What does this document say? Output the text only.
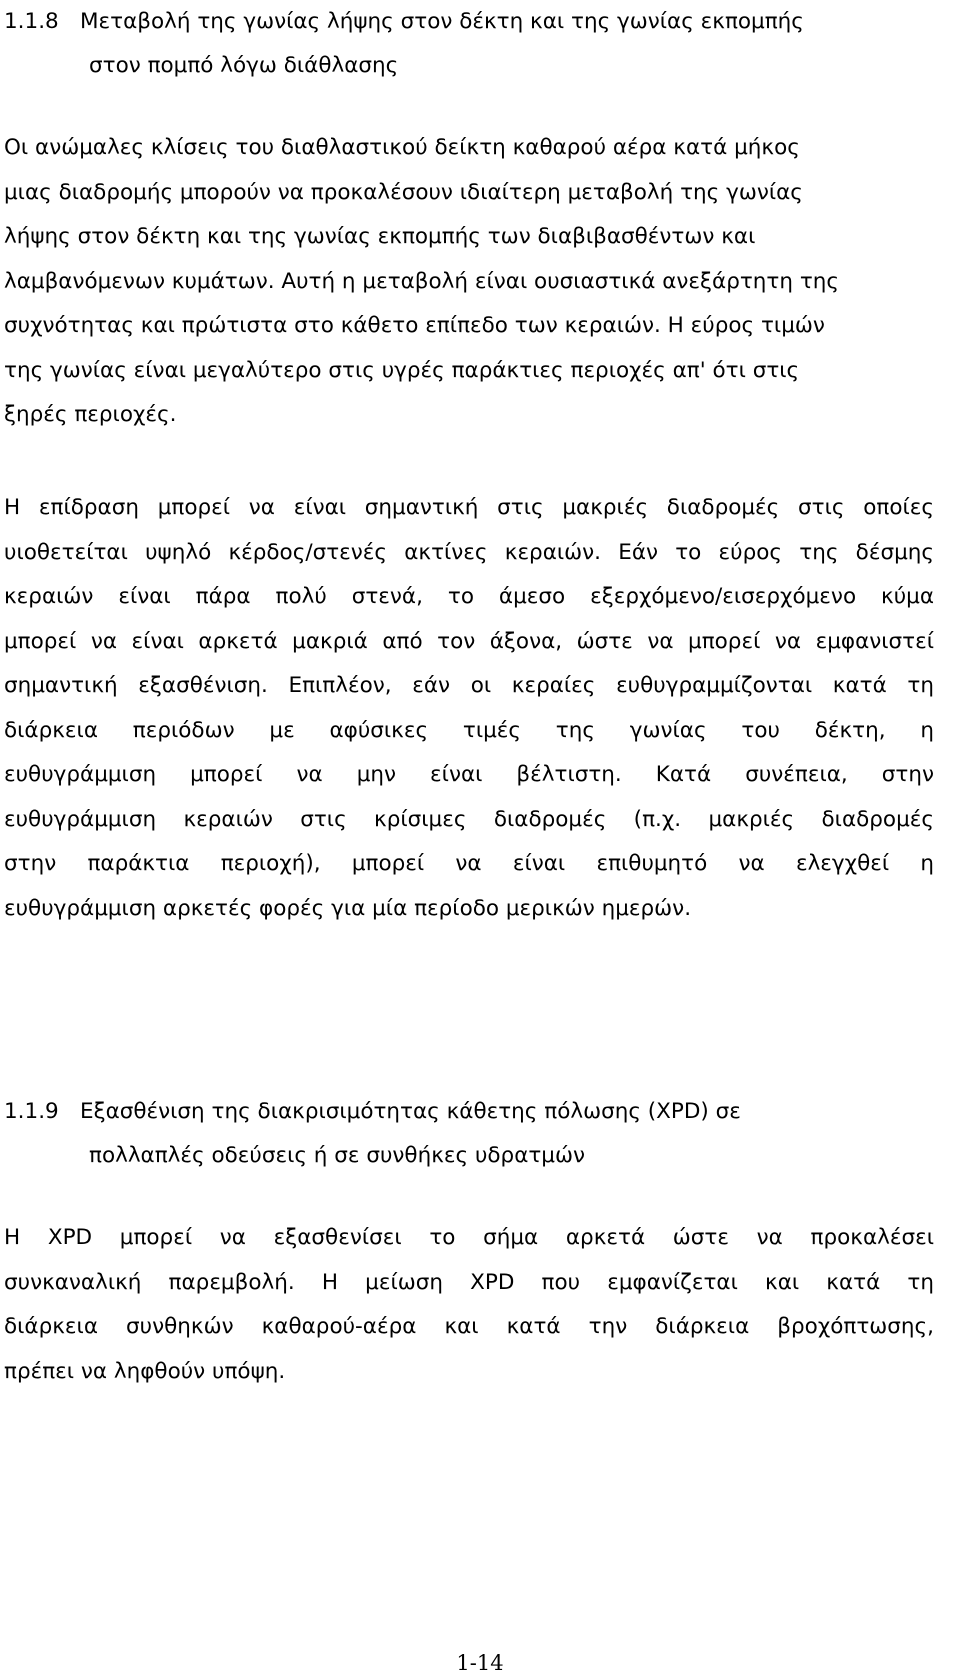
1.1.8 Μεταβολή της γωνίας λήψης στον δέκτη και της γωνίας εκπομπής
στον πομπό λόγω διάθλασης
Οι ανώμαλες κλίσεις του διαθλαστικού δείκτη καθαρού αέρα κατά μήκος
μιας διαδρομής μπορούν να προκαλέσουν ιδιαίτερη μεταβολή της γωνίας
λήψης στον δέκτη και της γωνίας εκπομπής των διαβιβασθέντων και
λαμβανόμενων κυμάτων. Αυτή η μεταβολή είναι ουσιαστικά ανεξάρτητη της
συχνότητας και πρώτιστα στο κάθετο επίπεδο των κεραιών. Η εύρος τιμών
της γωνίας είναι μεγαλύτερο στις υγρές παράκτιες περιοχές απ' ότι στις
ξηρές περιοχές.
Η επίδραση μπορεί να είναι σημαντική στις μακριές διαδρομές στις οποίες
υιοθετείται υψηλό κέρδος/στενές ακτίνες κεραιών. Εάν το εύρος της δέσμης
κεραιών είναι πάρα πολύ στενά, το άμεσο εξερχόμενο/εισερχόμενο κύμα
μπορεί να είναι αρκετά μακριά από τον άξονα, ώστε να μπορεί να εμφανιστεί
σημαντική εξασθένιση. Επιπλέον, εάν οι κεραίες ευθυγραμμίζονται κατά τη
διάρκεια περιόδων με αφύσικες τιμές της γωνίας του δέκτη, η
ευθυγράμμιση μπορεί να μην είναι βέλτιστη. Κατά συνέπεια, στην
ευθυγράμμιση κεραιών στις κρίσιμες διαδρομές (π.χ. μακριές διαδρομές
στην παράκτια περιοχή), μπορεί να είναι επιθυμητό να ελεγχθεί η
ευθυγράμμιση αρκετές φορές για μία περίοδο μερικών ημερών.
1.1.9 Εξασθένιση της διακρισιμότητας κάθετης πόλωσης (XPD) σε
πολλαπλές οδεύσεις ή σε συνθήκες υδρατμών
Η XPD μπορεί να εξασθενίσει το σήμα αρκετά ώστε να προκαλέσει
συνκαναλική παρεμβολή. Η μείωση XPD που εμφανίζεται και κατά τη
διάρκεια συνθηκών καθαρού-αέρα και κατά την διάρκεια βροχόπτωσης,
πρέπει να ληφθούν υπόψη.
1-14
